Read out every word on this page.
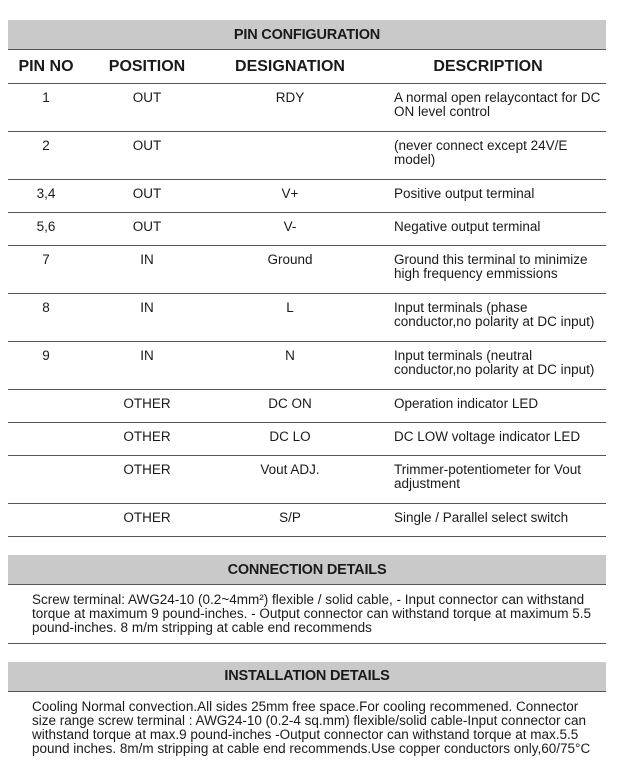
PIN CONFIGURATION
PIN NO	POSITION	DESIGNATION	DESCRIPTION
1	OUT	RDY	A normal open relaycontact for DC ON level control
2	OUT		(never connect except 24V/E model)
3,4	OUT	V+	Positive output terminal
5,6	OUT	V-	Negative output terminal
7	IN	Ground	Ground this terminal to minimize high frequency emmissions
8	IN	L	Input terminals (phase conductor,no polarity at DC input)
9	IN	N	Input terminals (neutral conductor,no polarity at DC input)
	OTHER	DC ON	Operation indicator LED
	OTHER	DC LO	DC LOW voltage indicator LED
	OTHER	Vout ADJ.	Trimmer-potentiometer for Vout adjustment
	OTHER	S/P	Single / Parallel select switch
CONNECTION DETAILS
Screw terminal: AWG24-10 (0.2~4mm²) flexible / solid cable, - Input connector can withstand torque at maximum 9 pound-inches. - Output connector can withstand torque at maximum 5.5 pound-inches. 8 m/m stripping at cable end recommends
INSTALLATION DETAILS
Cooling Normal convection.All sides 25mm free space.For cooling recommened. Connector size range screw terminal : AWG24-10 (0.2-4 sq.mm) flexible/solid cable-Input connector can withstand torque at max.9 pound-inches -Output connector can withstand torque at max.5.5 pound inches. 8m/m stripping at cable end recommends.Use copper conductors only,60/75°C
